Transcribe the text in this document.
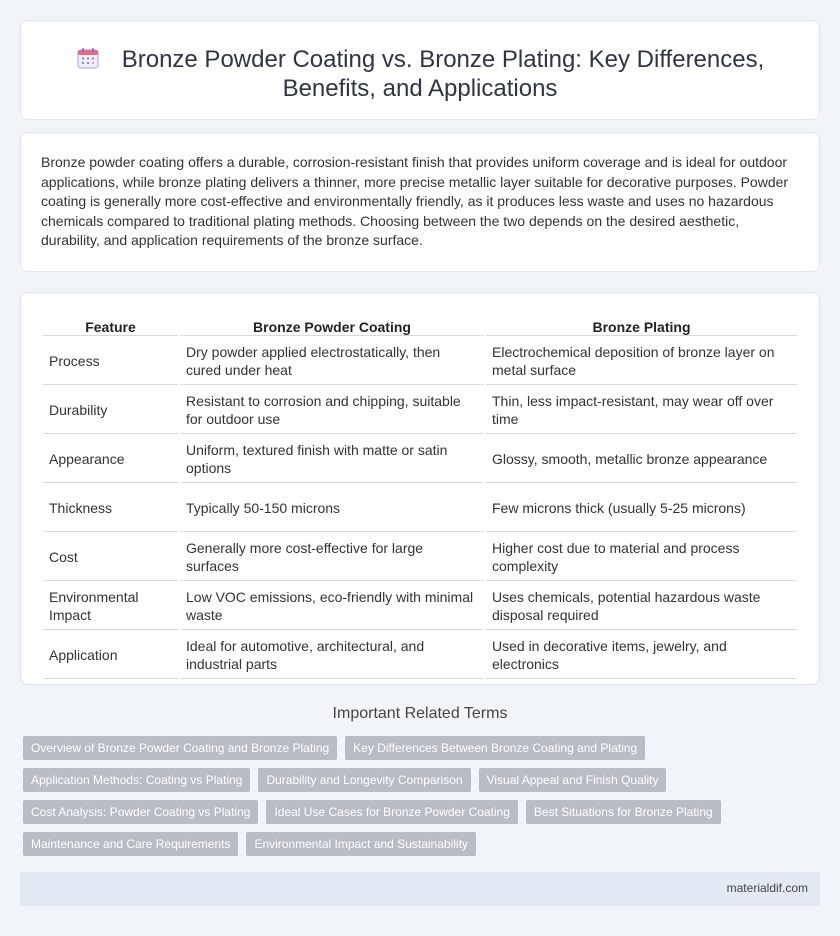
Bronze Powder Coating vs. Bronze Plating: Key Differences,
Benefits, and Applications

Bronze powder coating offers a durable, corrosion-resistant finish that provides uniform coverage and is ideal for outdoor applications, while bronze plating delivers a thinner, more precise metallic layer suitable for decorative purposes. Powder coating is generally more cost-effective and environmentally friendly, as it produces less waste and uses no hazardous chemicals compared to traditional plating methods. Choosing between the two depends on the desired aesthetic, durability, and application requirements of the bronze surface.

Feature	Bronze Powder Coating	Bronze Plating
Process	Dry powder applied electrostatically, then cured under heat	Electrochemical deposition of bronze layer on metal surface
Durability	Resistant to corrosion and chipping, suitable for outdoor use	Thin, less impact-resistant, may wear off over time
Appearance	Uniform, textured finish with matte or satin options	Glossy, smooth, metallic bronze appearance
Thickness	Typically 50-150 microns	Few microns thick (usually 5-25 microns)
Cost	Generally more cost-effective for large surfaces	Higher cost due to material and process complexity
Environmental Impact	Low VOC emissions, eco-friendly with minimal waste	Uses chemicals, potential hazardous waste disposal required
Application	Ideal for automotive, architectural, and industrial parts	Used in decorative items, jewelry, and electronics
Important Related Terms
Overview of Bronze Powder Coating and Bronze Plating	Key Differences Between Bronze Coating and Plating
Application Methods: Coating vs Plating	Durability and Longevity Comparison	Visual Appeal and Finish Quality
Cost Analysis: Powder Coating vs Plating	Ideal Use Cases for Bronze Powder Coating	Best Situations for Bronze Plating
Maintenance and Care Requirements	Environmental Impact and Sustainability
materialdif.com
